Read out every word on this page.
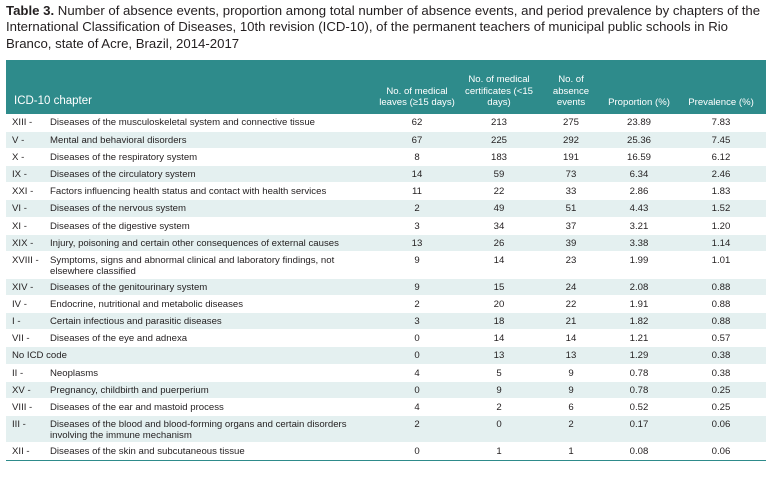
Table 3. Number of absence events, proportion among total number of absence events, and period prevalence by chapters of the International Classification of Diseases, 10th revision (ICD-10), of the permanent teachers of municipal public schools in Rio Branco, state of Acre, Brazil, 2014-2017
ICD-10 chapter		No. of medical leaves (≥15 days)	No. of medical certificates (<15 days)	No. of absence events	Proportion (%)	Prevalence (%)
XIII -	Diseases of the musculoskeletal system and connective tissue	62	213	275	23.89	7.83
V -	Mental and behavioral disorders	67	225	292	25.36	7.45
X -	Diseases of the respiratory system	8	183	191	16.59	6.12
IX -	Diseases of the circulatory system	14	59	73	6.34	2.46
XXI -	Factors influencing health status and contact with health services	11	22	33	2.86	1.83
VI -	Diseases of the nervous system	2	49	51	4.43	1.52
XI -	Diseases of the digestive system	3	34	37	3.21	1.20
XIX -	Injury, poisoning and certain other consequences of external causes	13	26	39	3.38	1.14
XVIII -	Symptoms, signs and abnormal clinical and laboratory findings, not elsewhere classified	9	14	23	1.99	1.01
XIV -	Diseases of the genitourinary system	9	15	24	2.08	0.88
IV -	Endocrine, nutritional and metabolic diseases	2	20	22	1.91	0.88
I -	Certain infectious and parasitic diseases	3	18	21	1.82	0.88
VII -	Diseases of the eye and adnexa	0	14	14	1.21	0.57
No ICD code		0	13	13	1.29	0.38
II -	Neoplasms	4	5	9	0.78	0.38
XV -	Pregnancy, childbirth and puerperium	0	9	9	0.78	0.25
VIII -	Diseases of the ear and mastoid process	4	2	6	0.52	0.25
III -	Diseases of the blood and blood-forming organs and certain disorders involving the immune mechanism	2	0	2	0.17	0.06
XII -	Diseases of the skin and subcutaneous tissue	0	1	1	0.08	0.06
